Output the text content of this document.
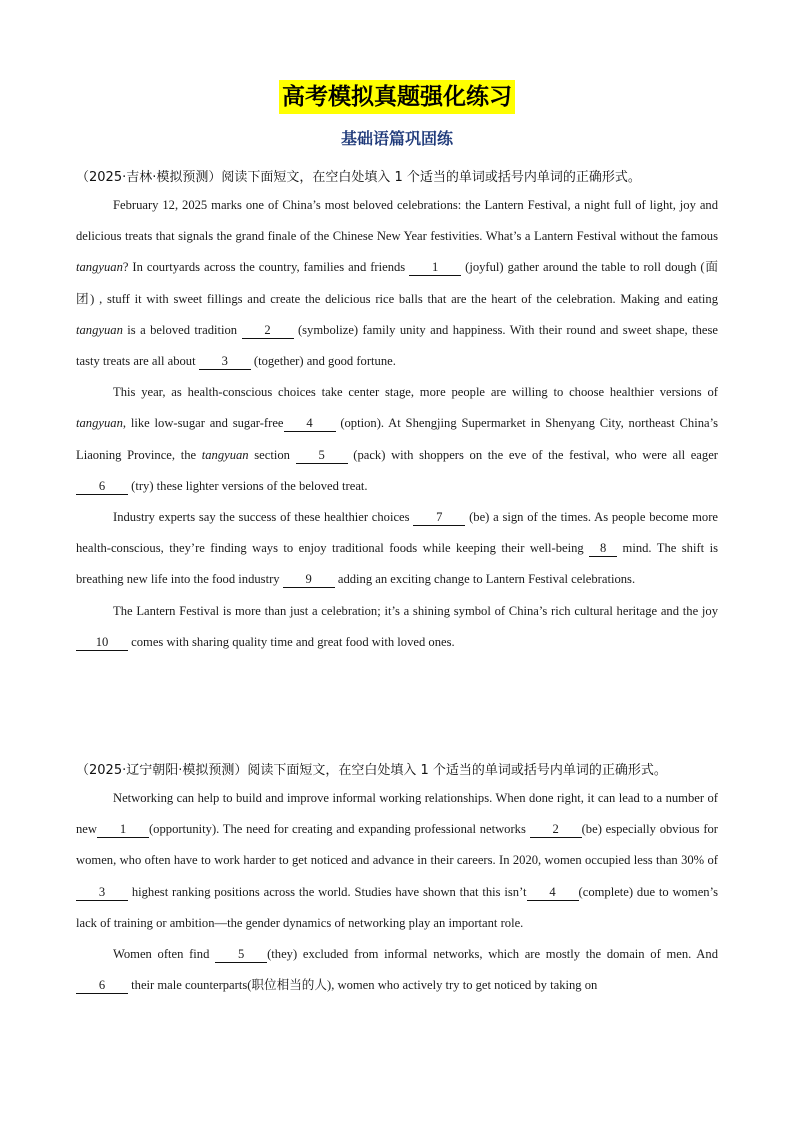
高考模拟真题强化练习
基础语篇巩固练
（2025·吉林·模拟预测）阅读下面短文，在空白处填入 1 个适当的单词或括号内单词的正确形式。

February 12, 2025 marks one of China’s most beloved celebrations: the Lantern Festival, a night full of light, joy and delicious treats that signals the grand finale of the Chinese New Year festivities. What’s a Lantern Festival without the famous tangyuan? In courtyards across the country, families and friends 1 (joyful) gather around the table to roll dough (面团) , stuff it with sweet fillings and create the delicious rice balls that are the heart of the celebration. Making and eating tangyuan is a beloved tradition 2 (symbolize) family unity and happiness. With their round and sweet shape, these tasty treats are all about 3 (together) and good fortune.

This year, as health-conscious choices take center stage, more people are willing to choose healthier versions of tangyuan, like low-sugar and sugar-free 4 (option). At Shengjing Supermarket in Shenyang City, northeast China’s Liaoning Province, the tangyuan section 5 (pack) with shoppers on the eve of the festival, who were all eager 6 (try) these lighter versions of the beloved treat.

Industry experts say the success of these healthier choices 7 (be) a sign of the times. As people become more health-conscious, they’re finding ways to enjoy traditional foods while keeping their well-being 8 mind. The shift is breathing new life into the food industry 9 adding an exciting change to Lantern Festival celebrations.

The Lantern Festival is more than just a celebration; it’s a shining symbol of China’s rich cultural heritage and the joy 10 comes with sharing quality time and great food with loved ones.

（2025·辽宁朝阳·模拟预测）阅读下面短文，在空白处填入 1 个适当的单词或括号内单词的正确形式。

Networking can help to build and improve informal working relationships. When done right, it can lead to a number of new 1 (opportunity). The need for creating and expanding professional networks 2 (be) especially obvious for women, who often have to work harder to get noticed and advance in their careers. In 2020, women occupied less than 30% of3 highest ranking positions across the world. Studies have shown that this isn’t 4 (complete) due to women’s lack of training or ambition—the gender dynamics of networking play an important role.

Women often find 5 (they) excluded from informal networks, which are mostly the domain of men. And 6 their male counterparts(职位相当的人), women who actively try to get noticed by taking on
